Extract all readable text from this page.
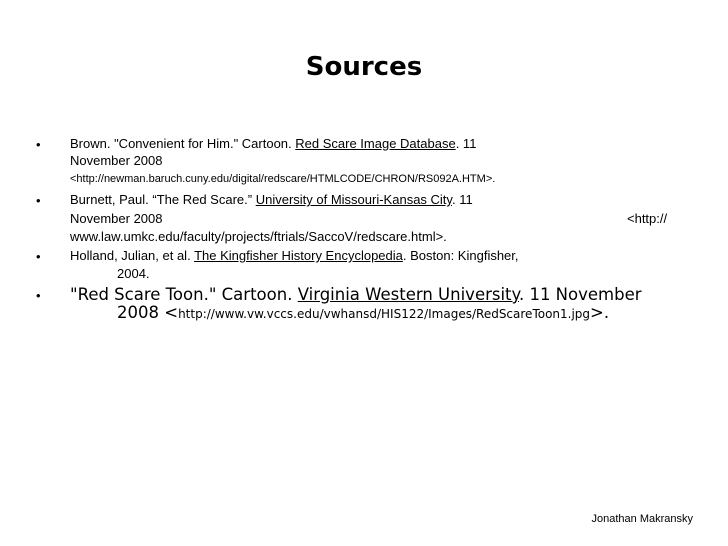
Sources
• Brown. "Convenient for Him." Cartoon. Red Scare Image Database. 11
November 2008
<http://newman.baruch.cuny.edu/digital/redscare/HTMLCODE/CHRON/RS092A.HTM>.
• Burnett, Paul. “The Red Scare.” University of Missouri-Kansas City. 11
November 2008	<http://
www.law.umkc.edu/faculty/projects/ftrials/SaccoV/redscare.html>.
• Holland, Julian, et al. The Kingfisher History Encyclopedia. Boston: Kingfisher,
2004.
• "Red Scare Toon." Cartoon. Virginia Western University. 11 November
2008 <http://www.vw.vccs.edu/vwhansd/HIS122/Images/RedScareToon1.jpg>.
Jonathan Makransky
